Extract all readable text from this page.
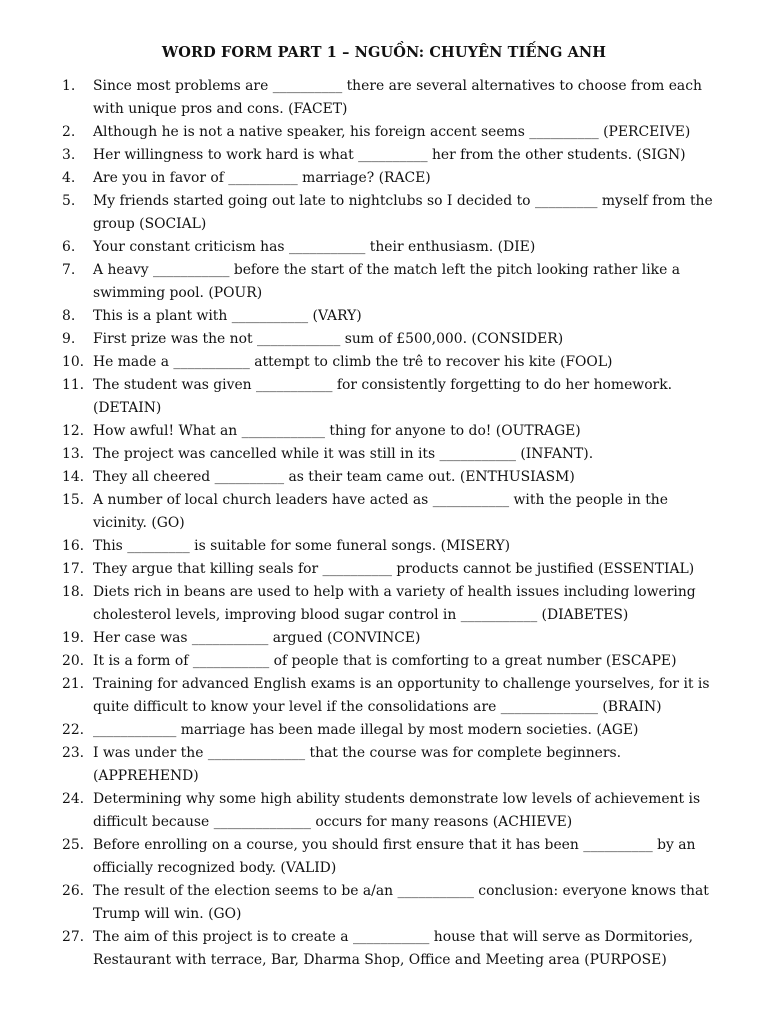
WORD FORM PART 1 – NGUỒN: CHUYÊN TIẾNG ANH
1. Since most problems are __________ there are several alternatives to choose from each with unique pros and cons. (FACET)
2. Although he is not a native speaker, his foreign accent seems __________ (PERCEIVE)
3. Her willingness to work hard is what __________ her from the other students. (SIGN)
4. Are you in favor of __________ marriage? (RACE)
5. My friends started going out late to nightclubs so I decided to _________ myself from the group (SOCIAL)
6. Your constant criticism has ___________ their enthusiasm. (DIE)
7. A heavy ___________ before the start of the match left the pitch looking rather like a swimming pool. (POUR)
8. This is a plant with ___________ (VARY)
9. First prize was the not ____________ sum of £500,000. (CONSIDER)
10. He made a ___________ attempt to climb the trê to recover his kite (FOOL)
11. The student was given ___________ for consistently forgetting to do her homework. (DETAIN)
12. How awful! What an ____________ thing for anyone to do! (OUTRAGE)
13. The project was cancelled while it was still in its ___________ (INFANT).
14. They all cheered __________ as their team came out. (ENTHUSIASM)
15. A number of local church leaders have acted as ___________ with the people in the vicinity. (GO)
16. This _________ is suitable for some funeral songs. (MISERY)
17. They argue that killing seals for __________ products cannot be justified (ESSENTIAL)
18. Diets rich in beans are used to help with a variety of health issues including lowering cholesterol levels, improving blood sugar control in ___________ (DIABETES)
19. Her case was ___________ argued (CONVINCE)
20. It is a form of ___________ of people that is comforting to a great number (ESCAPE)
21. Training for advanced English exams is an opportunity to challenge yourselves, for it is quite difficult to know your level if the consolidations are ______________ (BRAIN)
22. ____________ marriage has been made illegal by most modern societies. (AGE)
23. I was under the ______________ that the course was for complete beginners. (APPREHEND)
24. Determining why some high ability students demonstrate low levels of achievement is difficult because ______________ occurs for many reasons (ACHIEVE)
25. Before enrolling on a course, you should first ensure that it has been __________ by an officially recognized body. (VALID)
26. The result of the election seems to be a/an ___________ conclusion: everyone knows that Trump will win. (GO)
27. The aim of this project is to create a ___________ house that will serve as Dormitories, Restaurant with terrace, Bar, Dharma Shop, Office and Meeting area (PURPOSE)
